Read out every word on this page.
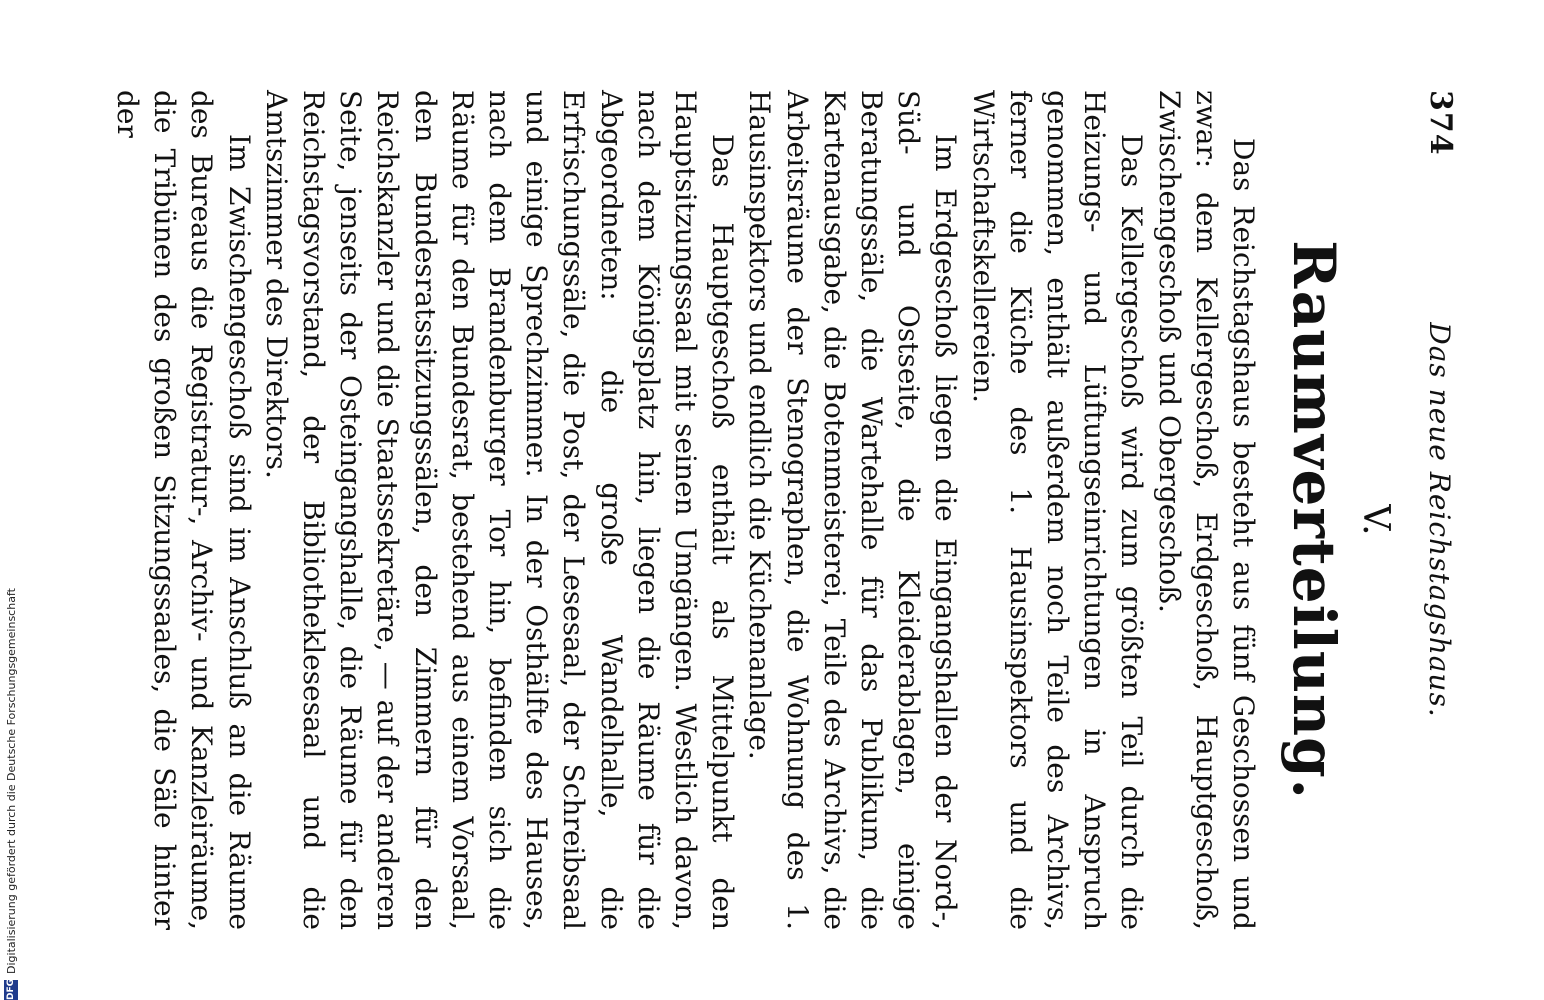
374
Das neue Reichstagshaus.
V.
Raumverteilung.

Das Reichstagshaus besteht aus fünf Geschossen und zwar: dem Kellergeschoß, Erdgeschoß, Hauptgeschoß, Zwischengeschoß und Obergeschoß.

Das Kellergeschoß wird zum größten Teil durch die Heizungs- und Lüftungseinrichtungen in Anspruch genommen, enthält außerdem noch Teile des Archivs, ferner die Küche des 1. Hausinspektors und die Wirtschaftskellereien.

Im Erdgeschoß liegen die Eingangshallen der Nord-, Süd- und Ostseite, die Kleiderablagen, einige Beratungssäle, die Wartehalle für das Publikum, die Kartenausgabe, die Botenmeisterei, Teile des Archivs, die Arbeitsräume der Stenographen, die Wohnung des 1. Hausinspektors und endlich die Küchenanlage.

Das Hauptgeschoß enthält als Mittelpunkt den Hauptsitzungssaal mit seinen Umgängen. Westlich davon, nach dem Königsplatz hin, liegen die Räume für die Abgeordneten: die große Wandelhalle, die Erfrischungssäle, die Post, der Lesesaal, der Schreibsaal und einige Sprechzimmer. In der Osthälfte des Hauses, nach dem Brandenburger Tor hin, befinden sich die Räume für den Bundesrat, bestehend aus einem Vorsaal, den Bundesratssitzungssälen, den Zimmern für den Reichskanzler und die Staatssekretäre, — auf der anderen Seite, jenseits der Osteingangshalle, die Räume für den Reichstagsvorstand, der Bibliotheklesesaal und die Amtszimmer des Direktors.

Im Zwischengeschoß sind im Anschluß an die Räume des Bureaus die Registratur-, Archiv- und Kanzleiräume, die Tribünen des großen Sitzungssaales, die Säle hinter der

DFG
Digitalisierung gefördert durch die Deutsche Forschungsgemeinschaft
